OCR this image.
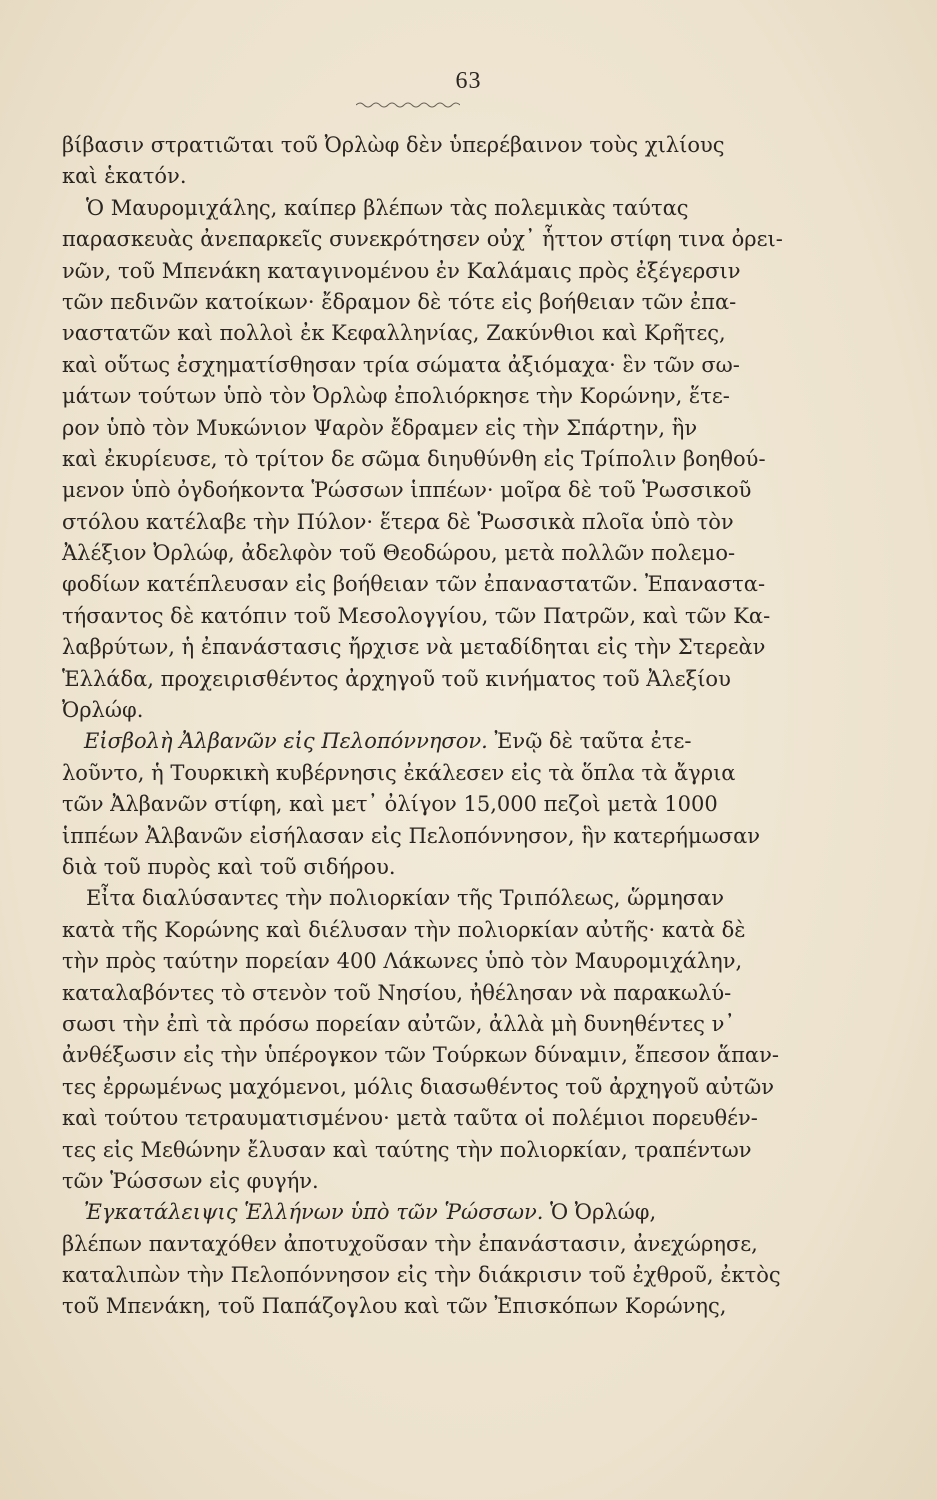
63
βίβασιν στρατιῶται τοῦ Ὀρλὼφ δὲν ὑπερέβαινον τοὺς χιλίους
καὶ ἑκατόν.
Ὁ Μαυρομιχάλης, καίπερ βλέπων τὰς πολεμικὰς ταύτας
παρασκευὰς ἀνεπαρκεῖς συνεκρότησεν οὐχ᾽ ἧττον στίφη τινα ὀρει-
νῶν, τοῦ Μπενάκη καταγινομένου ἐν Καλάμαις πρὸς ἐξέγερσιν
τῶν πεδινῶν κατοίκων· ἔδραμον δὲ τότε εἰς βοήθειαν τῶν ἐπα-
ναστατῶν καὶ πολλοὶ ἐκ Κεφαλληνίας, Ζακύνθιοι καὶ Κρῆτες,
καὶ οὕτως ἐσχηματίσθησαν τρία σώματα ἀξιόμαχα· ἓν τῶν σω-
μάτων τούτων ὑπὸ τὸν Ὀρλὼφ ἐπολιόρκησε τὴν Κορώνην, ἕτε-
ρον ὑπὸ τὸν Μυκώνιον Ψαρὸν ἔδραμεν εἰς τὴν Σπάρτην, ἣν
καὶ ἐκυρίευσε, τὸ τρίτον δε σῶμα διηυθύνθη εἰς Τρίπολιν βοηθού-
μενον ὑπὸ ὀγδοήκοντα Ῥώσσων ἱππέων· μοῖρα δὲ τοῦ Ῥωσσικοῦ
στόλου κατέλαβε τὴν Πύλον· ἕτερα δὲ Ῥωσσικὰ πλοῖα ὑπὸ τὸν
Ἀλέξιον Ὀρλώφ, ἀδελφὸν τοῦ Θεοδώρου, μετὰ πολλῶν πολεμο-
φοδίων κατέπλευσαν εἰς βοήθειαν τῶν ἐπαναστατῶν. Ἐπαναστα-
τήσαντος δὲ κατόπιν τοῦ Μεσολογγίου, τῶν Πατρῶν, καὶ τῶν Κα-
λαβρύτων, ἡ ἐπανάστασις ἤρχισε νὰ μεταδίδηται εἰς τὴν Στερεὰν
Ἑλλάδα, προχειρισθέντος ἀρχηγοῦ τοῦ κινήματος τοῦ Ἀλεξίου
Ὀρλώφ.
Εἰσβολὴ Ἀλβανῶν εἰς Πελοπόννησον. Ἐνῷ δὲ ταῦτα ἐτε-
λοῦντο, ἡ Τουρκικὴ κυβέρνησις ἐκάλεσεν εἰς τὰ ὅπλα τὰ ἄγρια
τῶν Ἀλβανῶν στίφη, καὶ μετ᾽ ὀλίγον 15,000 πεζοὶ μετὰ 1000
ἱππέων Ἀλβανῶν εἰσήλασαν εἰς Πελοπόννησον, ἣν κατερήμωσαν
διὰ τοῦ πυρὸς καὶ τοῦ σιδήρου.
Εἶτα διαλύσαντες τὴν πολιορκίαν τῆς Τριπόλεως, ὥρμησαν
κατὰ τῆς Κορώνης καὶ διέλυσαν τὴν πολιορκίαν αὐτῆς· κατὰ δὲ
τὴν πρὸς ταύτην πορείαν 400 Λάκωνες ὑπὸ τὸν Μαυρομιχάλην,
καταλαβόντες τὸ στενὸν τοῦ Νησίου, ἠθέλησαν νὰ παρακωλύ-
σωσι τὴν ἐπὶ τὰ πρόσω πορείαν αὐτῶν, ἀλλὰ μὴ δυνηθέντες ν᾽
ἀνθέξωσιν εἰς τὴν ὑπέρογκον τῶν Τούρκων δύναμιν, ἔπεσον ἅπαν-
τες ἐρρωμένως μαχόμενοι, μόλις διασωθέντος τοῦ ἀρχηγοῦ αὐτῶν
καὶ τούτου τετραυματισμένου· μετὰ ταῦτα οἱ πολέμιοι πορευθέν-
τες εἰς Μεθώνην ἔλυσαν καὶ ταύτης τὴν πολιορκίαν, τραπέντων
τῶν Ῥώσσων εἰς φυγήν.
Ἐγκατάλειψις Ἑλλήνων ὑπὸ τῶν Ῥώσσων. Ὁ Ὀρλώφ,
βλέπων πανταχόθεν ἀποτυχοῦσαν τὴν ἐπανάστασιν, ἀνεχώρησε,
καταλιπὼν τὴν Πελοπόννησον εἰς τὴν διάκρισιν τοῦ ἐχθροῦ, ἐκτὸς
τοῦ Μπενάκη, τοῦ Παπάζογλου καὶ τῶν Ἐπισκόπων Κορώνης,
